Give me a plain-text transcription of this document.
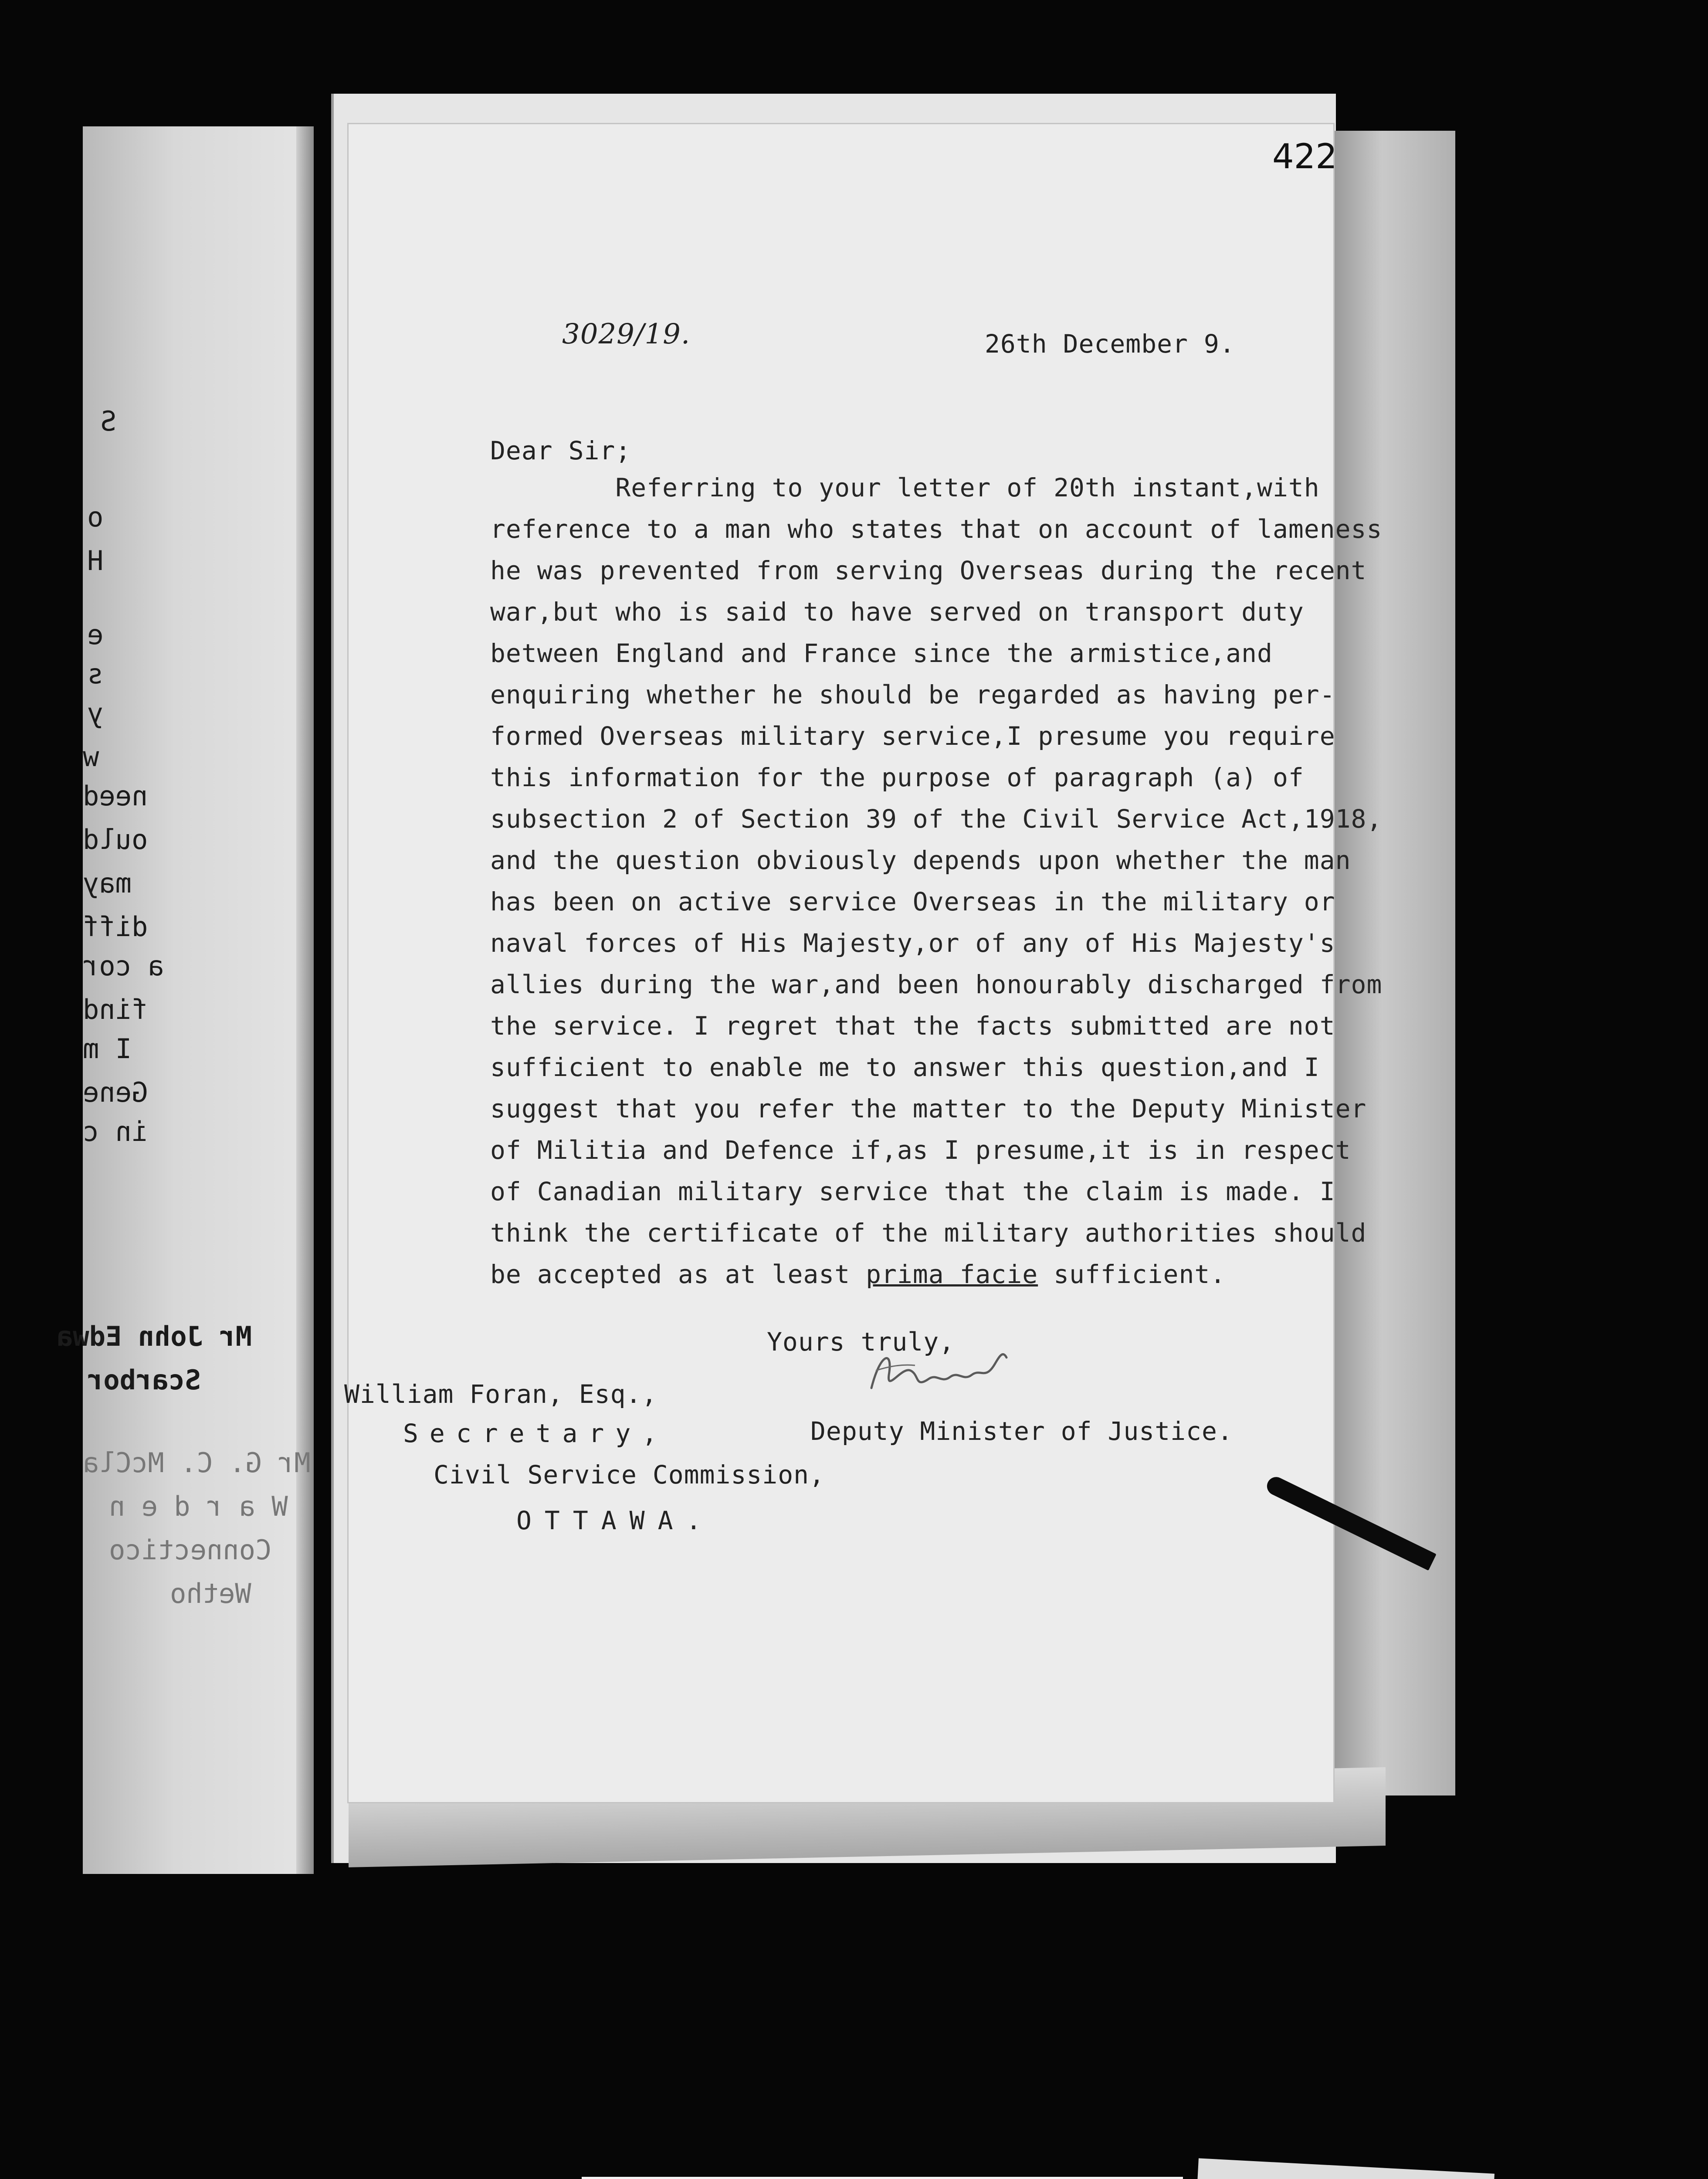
S
o
H
e
s
y
w
need
ould
may
diff
a cor
find
I m
Gene
in c
Mr John Edwa
Scarbor
Mr G. C. McCla
W a r d e n
Connectico
Wetho
422
3029/19.	26th December 9.
Dear Sir;
Referring to your letter of 20th instant,with
reference to a man who states that on account of lameness
he was prevented from serving Overseas during the recent
war,but who is said to have served on transport duty
between England and France since the armistice,and
enquiring whether he should be regarded as having per-
formed Overseas military service,I presume you require
this information for the purpose of paragraph (a) of
subsection 2 of Section 39 of the Civil Service Act,1918,
and the question obviously depends upon whether the man
has been on active service Overseas in the military or
naval forces of His Majesty,or of any of His Majesty's
allies during the war,and been honourably discharged from
the service. I regret that the facts submitted are not
sufficient to enable me to answer this question,and I
suggest that you refer the matter to the Deputy Minister
of Militia and Defence if,as I presume,it is in respect
of Canadian military service that the claim is made. I
think the certificate of the military authorities should
be accepted as at least prima facie sufficient.
Yours truly,
Deputy Minister of Justice.
William Foran, Esq.,
Secretary,
Civil Service Commission,
OTTAWA.
